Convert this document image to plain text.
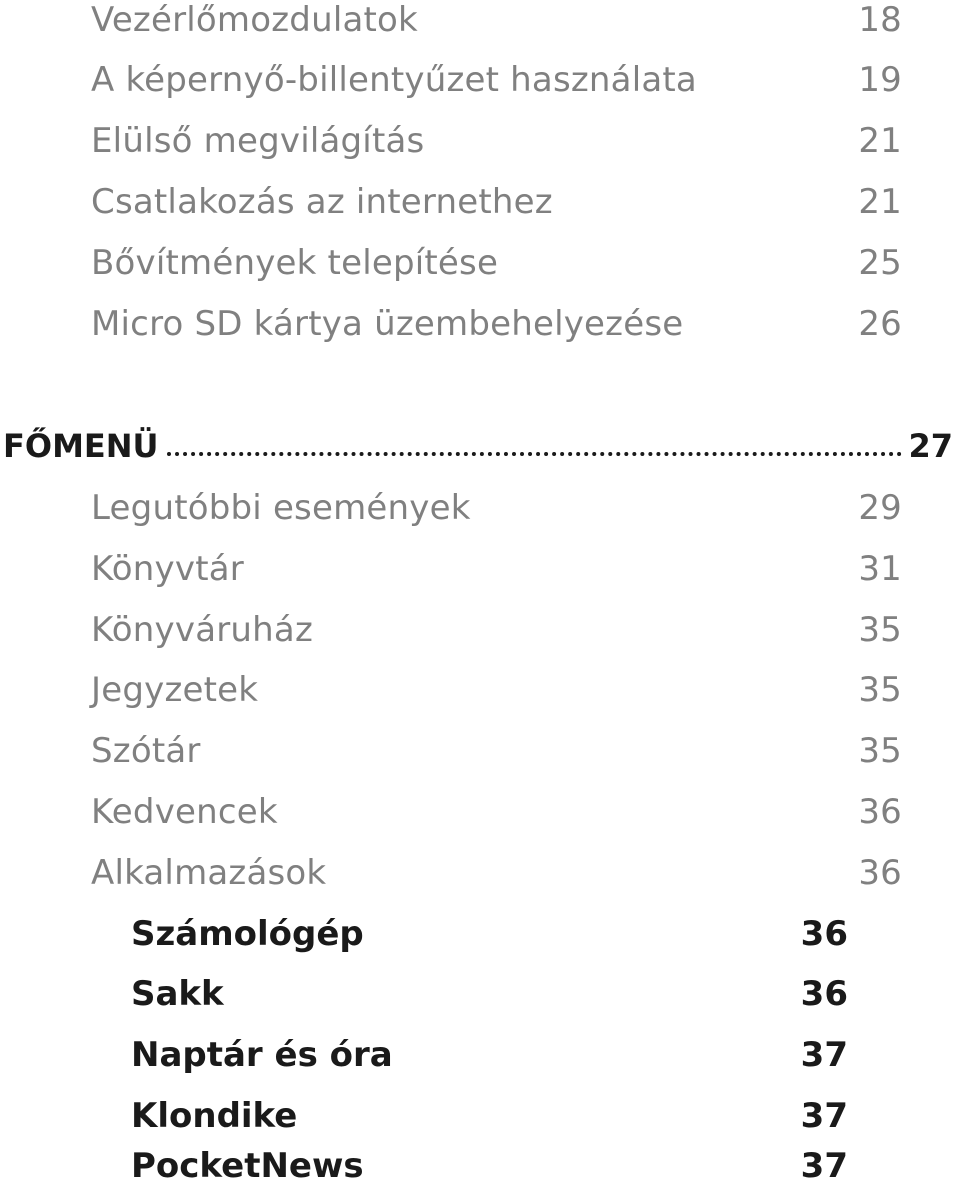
Vezérlőmozdulatok	18
A képernyő-billentyűzet használata	19
Elülső megvilágítás	21
Csatlakozás az internethez	21
Bővítmények telepítése	25
Micro SD kártya üzembehelyezése	26
FŐMENÜ	27
Legutóbbi események	29
Könyvtár	31
Könyváruház	35
Jegyzetek	35
Szótár	35
Kedvencek	36
Alkalmazások	36
Számológép	36
Sakk	36
Naptár és óra	37
Klondike	37
PocketNews	37
